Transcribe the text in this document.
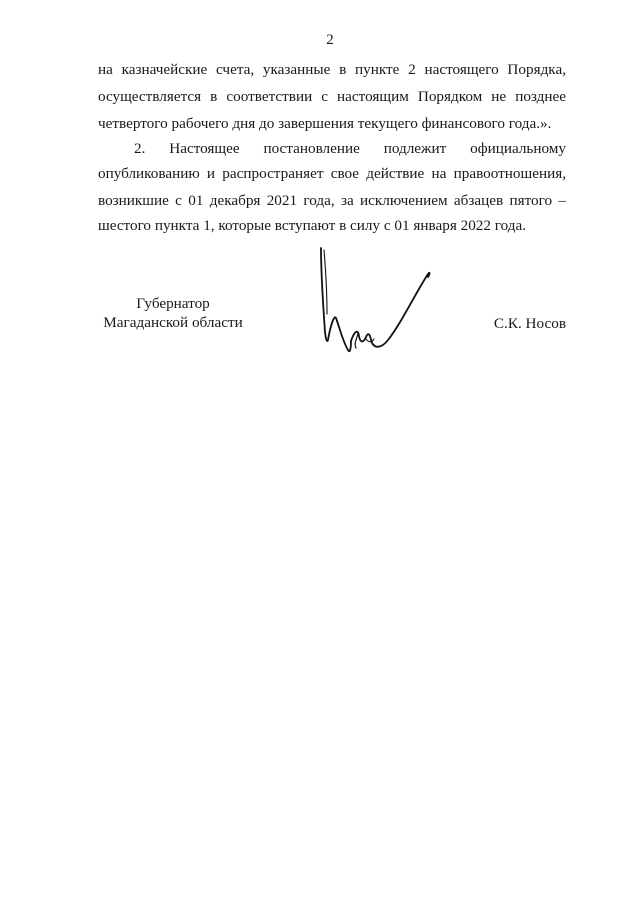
2
на казначейские счета, указанные в пункте 2 настоящего Порядка,
осуществляется в соответствии с настоящим Порядком не позднее
четвертого рабочего дня до завершения текущего финансового года.».
2. Настоящее постановление подлежит официальному
опубликованию и распространяет свое действие на правоотношения,
возникшие с 01 декабря 2021 года, за исключением абзацев пятого –
шестого пункта 1, которые вступают в силу с 01 января 2022 года.
Губернатор
Магаданской области	С.К. Носов
